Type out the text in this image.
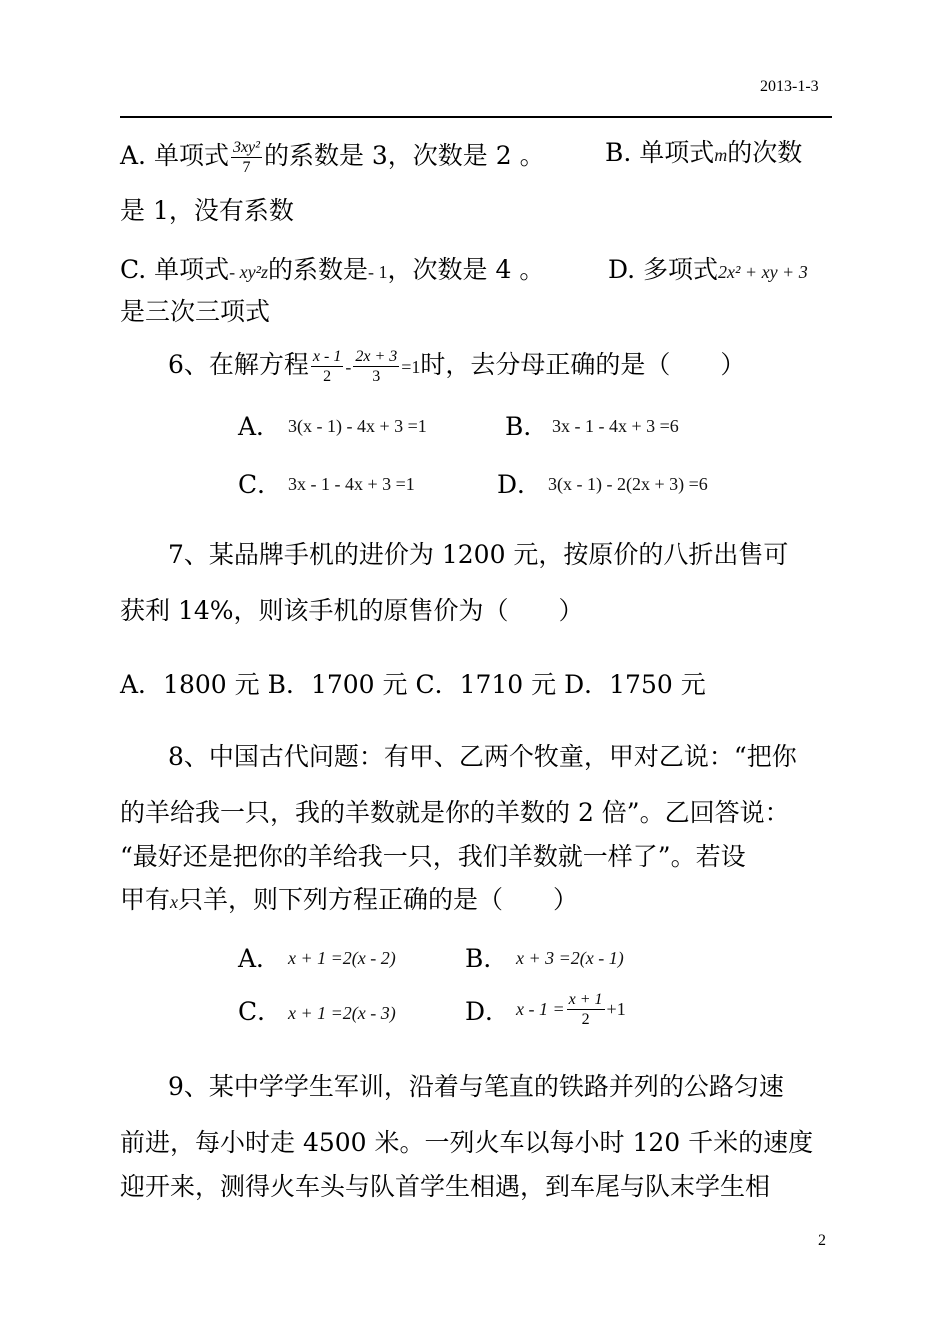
2013-1-3
A. 单项式 $\frac{\text{3xy²}}{7}$ 的系数是 3，次数是 2 。 B. 单项式m的次数
是 1，没有系数
C. 单项式- xy²z的系数是- 1，次数是 4 。	D. 多项式2x² + xy + 3
是三次三项式
6、在解方程 $\frac{x - 1}{2} - \frac{2x + 3}{3} =1$时，去分母正确的是（　　）
A． 3(x - 1) - 4x + 3 =1	B． 3x - 1 - 4x + 3 =6
C． 3x - 1 - 4x + 3 =1	D． 3(x - 1) - 2(2x + 3) =6
7、某品牌手机的进价为 1200 元，按原价的八折出售可
获利 14%，则该手机的原售价为（　　）
A．1800 元 B．1700 元 C．1710 元 D．1750 元
8、中国古代问题：有甲、乙两个牧童，甲对乙说：“把你
的羊给我一只，我的羊数就是你的羊数的 2 倍”。乙回答说：
“最好还是把你的羊给我一只，我们羊数就一样了”。若设
甲有x只羊，则下列方程正确的是（　　）
A． x + 1 =2(x - 2)	B． x + 3 =2(x - 1)
C． x + 1 =2(x - 3)	D． $x - 1 = \frac{x + 1}{2} +1$
9、某中学学生军训，沿着与笔直的铁路并列的公路匀速
前进，每小时走 4500 米。一列火车以每小时 120 千米的速度
迎开来，测得火车头与队首学生相遇，到车尾与队末学生相
2
